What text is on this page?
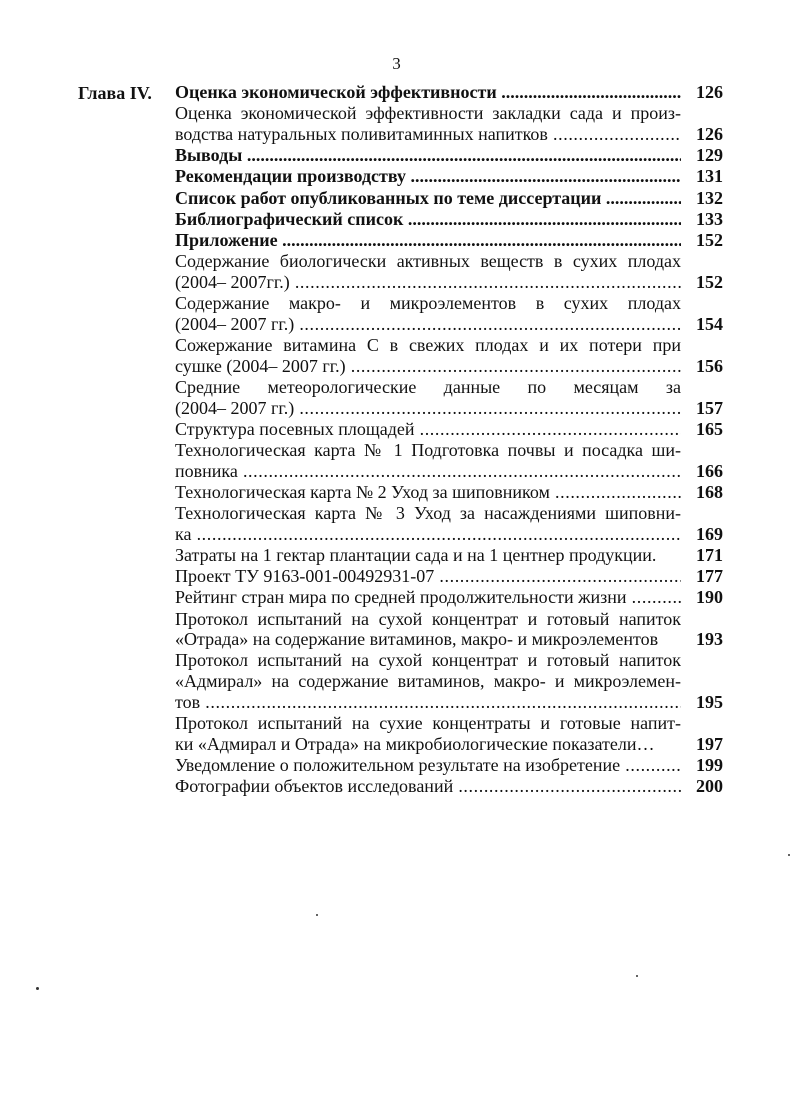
3
Глава IV. Оценка экономической эффективности .....	126
Оценка экономической эффективности закладки сада и произ-
водства натуральных поливитаминных напитков .....	126
Выводы .....	129
Рекомендации производству .....	131
Список работ опубликованных по теме диссертации .....	132
Библиографический список .....	133
Приложение .....	152
Содержание биологически активных веществ в сухих плодах
(2004– 2007гг.) .....	152
Содержание макро- и микроэлементов в сухих плодах
(2004– 2007 гг.) .....	154
Сожержание витамина С в свежих плодах и их потери при
сушке (2004– 2007 гг.) .....	156
Средние метеорологические данные по месяцам за
(2004– 2007 гг.) .....	157
Структура посевных площадей .....	165
Технологическая карта № 1 Подготовка почвы и посадка ши-
повника .....	166
Технологическая карта № 2 Уход за шиповником .....	168
Технологическая карта № 3 Уход за насаждениями шиповни-
ка .....	169
Затраты на 1 гектар плантации сада и на 1 центнер продукции.	171
Проект ТУ 9163-001-00492931-07 .....	177
Рейтинг стран мира по средней продолжительности жизни .....	190
Протокол испытаний на сухой концентрат и готовый напиток
«Отрада» на содержание витаминов, макро- и микроэлементов	193
Протокол испытаний на сухой концентрат и готовый напиток
«Адмирал» на содержание витаминов, макро- и микроэлемен-
тов .....	195
Протокол испытаний на сухие концентраты и готовые напит-
ки «Адмирал и Отрада» на микробиологические показатели…	197
Уведомление о положительном результате на изобретение .....	199
Фотографии объектов исследований .....	200
